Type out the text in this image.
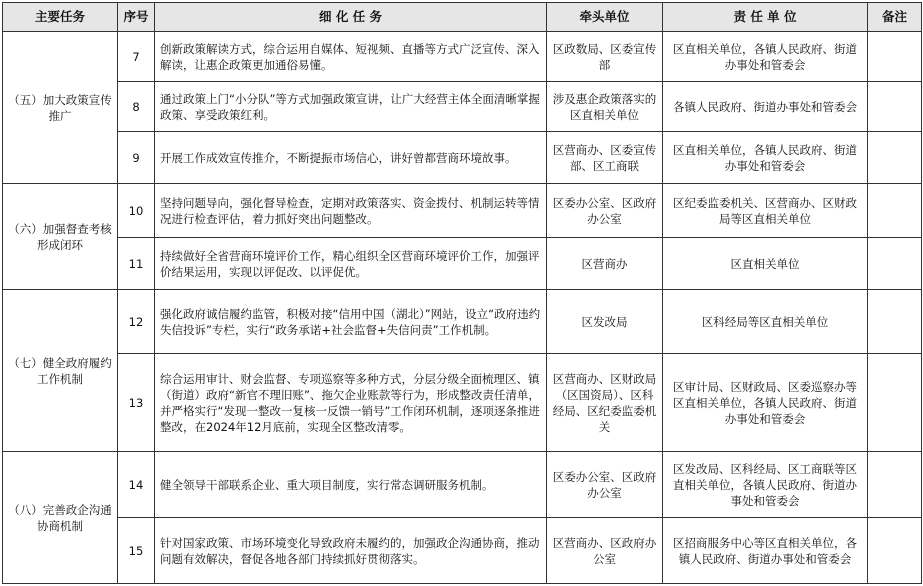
主要任务	序号	细 化 任 务	牵头单位	责 任 单 位	备注
（五）加大政策宣传推广	7	创新政策解读方式，综合运用自媒体、短视频、直播等方式广泛宣传、深入解读，让惠企政策更加通俗易懂。	区政数局、区委宣传部	区直相关单位，各镇人民政府、街道办事处和管委会	
	8	通过政策上门“小分队”等方式加强政策宣讲，让广大经营主体全面清晰掌握政策、享受政策红利。	涉及惠企政策落实的区直相关单位	各镇人民政府、街道办事处和管委会	
	9	开展工作成效宣传推介，不断提振市场信心，讲好曾都营商环境故事。	区营商办、区委宣传部、区工商联	区直相关单位，各镇人民政府、街道办事处和管委会	
（六）加强督查考核形成闭环	10	坚持问题导向，强化督导检查，定期对政策落实、资金拨付、机制运转等情况进行检查评估，着力抓好突出问题整改。	区委办公室、区政府办公室	区纪委监委机关、区营商办、区财政局等区直相关单位	
	11	持续做好全省营商环境评价工作，精心组织全区营商环境评价工作，加强评价结果运用，实现以评促改、以评促优。	区营商办	区直相关单位	
（七）健全政府履约工作机制	12	强化政府诚信履约监管，积极对接“信用中国（湖北）”网站，设立“政府违约失信投诉”专栏，实行“政务承诺+社会监督+失信问责”工作机制。	区发改局	区科经局等区直相关单位	
	13	综合运用审计、财会监督、专项巡察等多种方式，分层分级全面梳理区、镇（街道）政府“新官不理旧账”、拖欠企业账款等行为，形成整改责任清单，并严格实行“发现一整改一复核一反馈一销号”工作闭环机制，逐项逐条推进整改，在2024年12月底前，实现全区整改清零。	区营商办、区财政局（区国资局）、区科经局、区纪委监委机关	区审计局、区财政局、区委巡察办等区直相关单位，各镇人民政府、街道办事处和管委会	
（八）完善政企沟通协商机制	14	健全领导干部联系企业、重大项目制度，实行常态调研服务机制。	区委办公室、区政府办公室	区发改局、区科经局、区工商联等区直相关单位，各镇人民政府、街道办事处和管委会	
	15	针对国家政策、市场环境变化导致政府未履约的，加强政企沟通协商，推动问题有效解决，督促各地各部门持续抓好贯彻落实。	区营商办、区政府办公室	区招商服务中心等区直相关单位，各镇人民政府、街道办事处和管委会	
